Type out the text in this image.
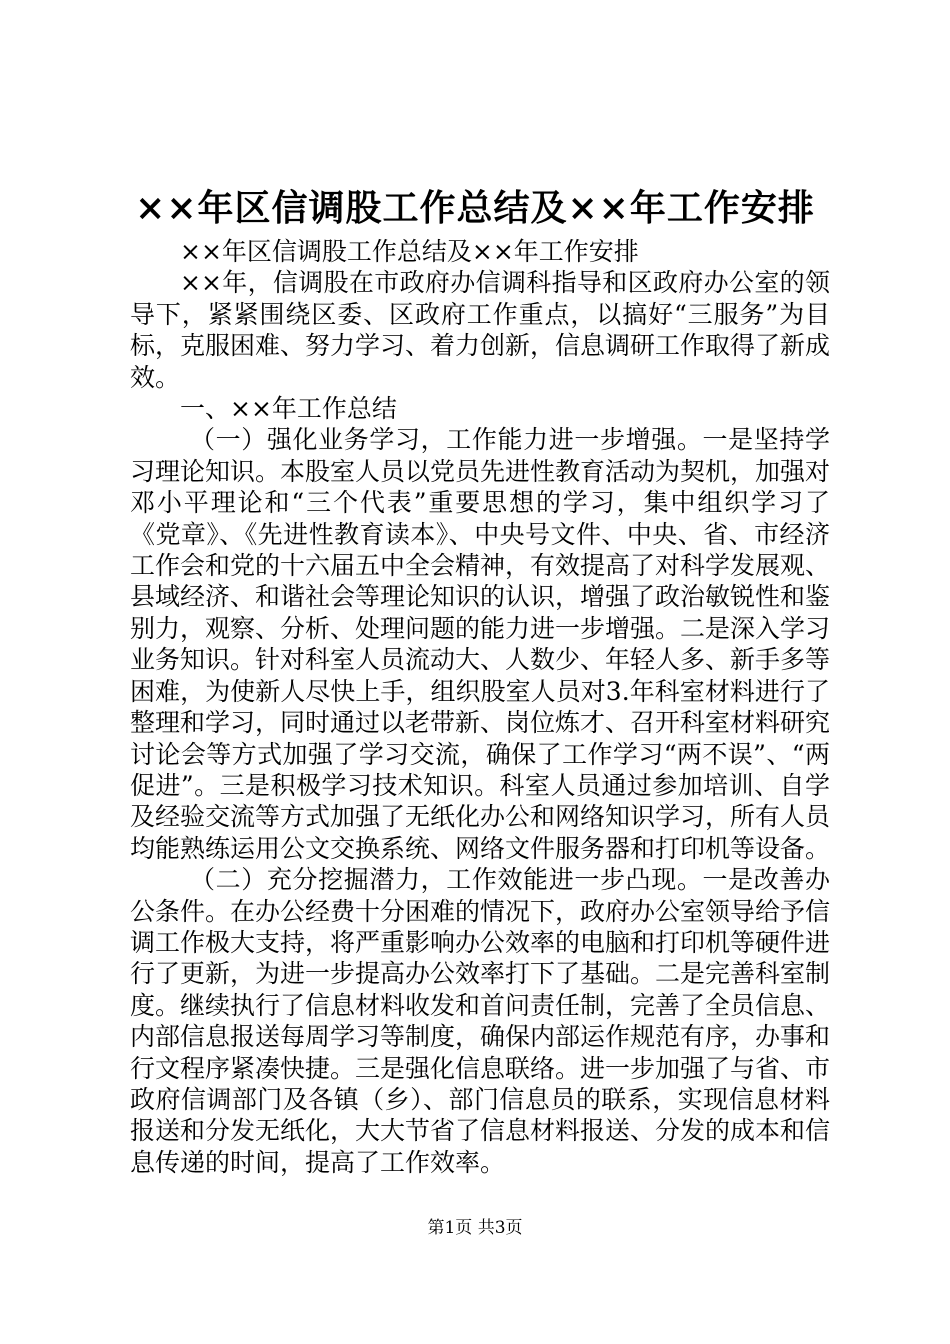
××年区信调股工作总结及××年工作安排

××年区信调股工作总结及××年工作安排

××年，信调股在市政府办信调科指导和区政府办公室的领导下，紧紧围绕区委、区政府工作重点，以搞好“三服务”为目标，克服困难、努力学习、着力创新，信息调研工作取得了新成效。

一、××年工作总结

（一）强化业务学习，工作能力进一步增强。一是坚持学习理论知识。本股室人员以党员先进性教育活动为契机，加强对邓小平理论和“三个代表”重要思想的学习，集中组织学习了《党章》、《先进性教育读本》、中央号文件、中央、省、市经济工作会和党的十六届五中全会精神，有效提高了对科学发展观、县域经济、和谐社会等理论知识的认识，增强了政治敏锐性和鉴别力，观察、分析、处理问题的能力进一步增强。二是深入学习业务知识。针对科室人员流动大、人数少、年轻人多、新手多等困难，为使新人尽快上手，组织股室人员对3.年科室材料进行了整理和学习，同时通过以老带新、岗位炼才、召开科室材料研究讨论会等方式加强了学习交流，确保了工作学习“两不误”、“两促进”。三是积极学习技术知识。科室人员通过参加培训、自学及经验交流等方式加强了无纸化办公和网络知识学习，所有人员均能熟练运用公文交换系统、网络文件服务器和打印机等设备。

（二）充分挖掘潜力，工作效能进一步凸现。一是改善办公条件。在办公经费十分困难的情况下，政府办公室领导给予信调工作极大支持，将严重影响办公效率的电脑和打印机等硬件进行了更新，为进一步提高办公效率打下了基础。二是完善科室制度。继续执行了信息材料收发和首问责任制，完善了全员信息、内部信息报送每周学习等制度，确保内部运作规范有序，办事和行文程序紧凑快捷。三是强化信息联络。进一步加强了与省、市政府信调部门及各镇（乡）、部门信息员的联系，实现信息材料报送和分发无纸化，大大节省了信息材料报送、分发的成本和信息传递的时间，提高了工作效率。

第1页 共3页
